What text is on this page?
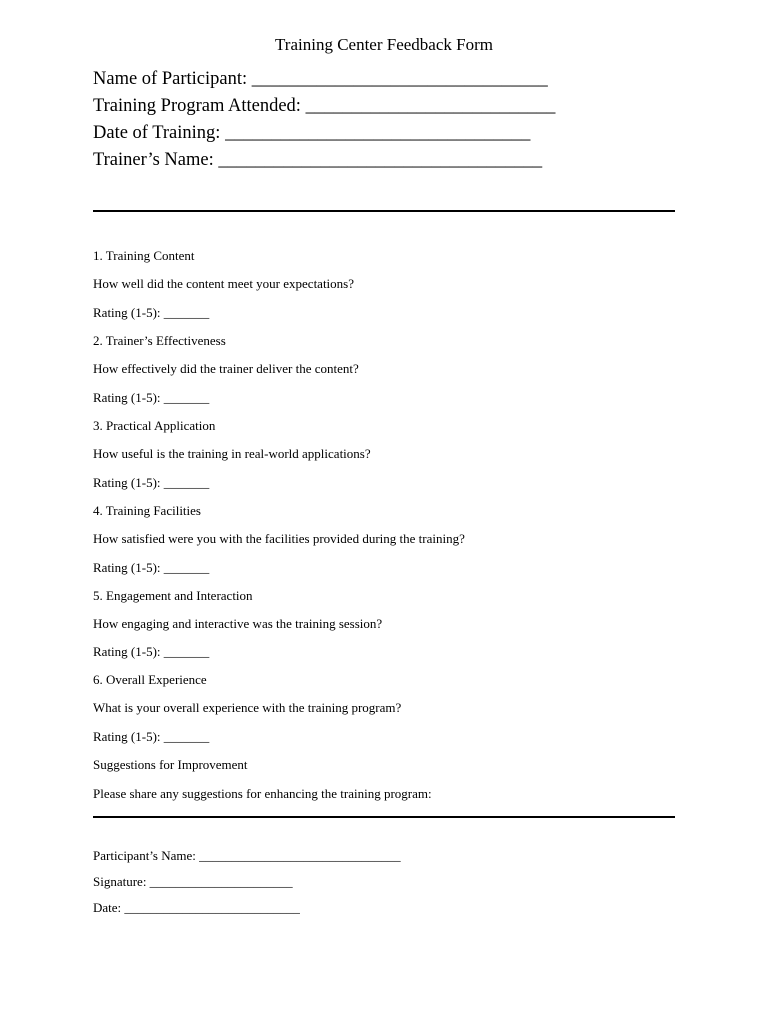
Training Center Feedback Form
Name of Participant: ________________________________
Training Program Attended: ___________________________
Date of Training: _________________________________
Trainer’s Name: ___________________________________
1. Training Content
How well did the content meet your expectations?
Rating (1-5): _______
2. Trainer’s Effectiveness
How effectively did the trainer deliver the content?
Rating (1-5): _______
3. Practical Application
How useful is the training in real-world applications?
Rating (1-5): _______
4. Training Facilities
How satisfied were you with the facilities provided during the training?
Rating (1-5): _______
5. Engagement and Interaction
How engaging and interactive was the training session?
Rating (1-5): _______
6. Overall Experience
What is your overall experience with the training program?
Rating (1-5): _______
Suggestions for Improvement
Please share any suggestions for enhancing the training program:
Participant’s Name: _______________________________
Signature: ______________________
Date: ___________________________
